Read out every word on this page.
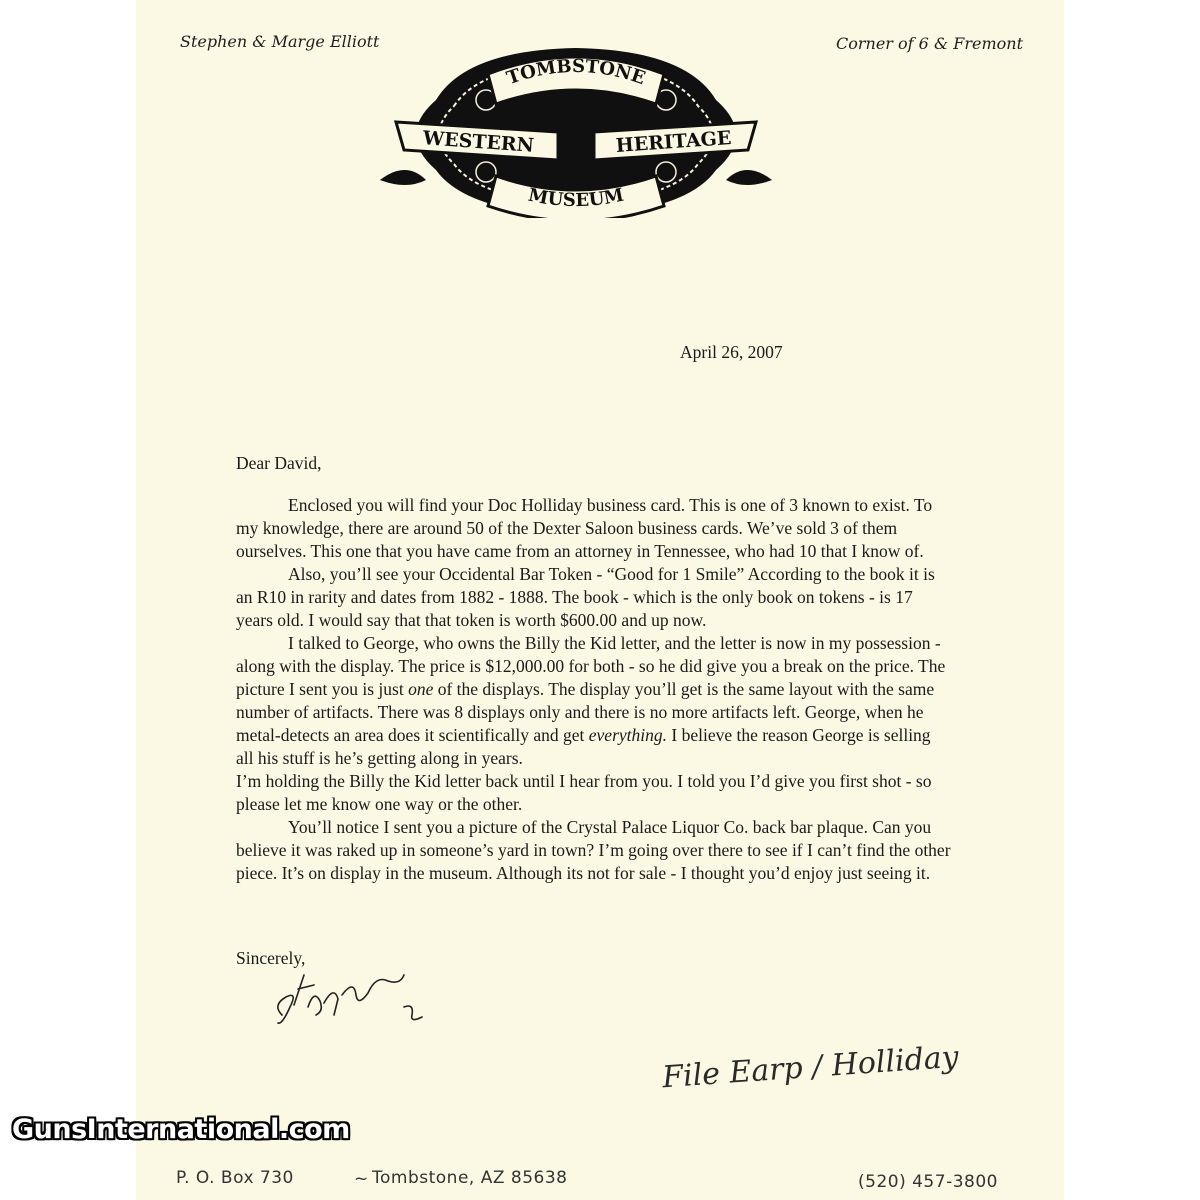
Stephen & Marge Elliott	Corner of 6 & Fremont
TOMBSTONE
WESTERN	HERITAGE
MUSEUM
April 26, 2007
Dear David,

Enclosed you will find your Doc Holliday business card. This is one of 3 known to exist. To my knowledge, there are around 50 of the Dexter Saloon business cards. We’ve sold 3 of them ourselves. This one that you have came from an attorney in Tennessee, who had 10 that I know of.

Also, you’ll see your Occidental Bar Token - “Good for 1 Smile” According to the book it is an R10 in rarity and dates from 1882 - 1888. The book - which is the only book on tokens - is 17 years old. I would say that that token is worth $600.00 and up now.

I talked to George, who owns the Billy the Kid letter, and the letter is now in my possession - along with the display. The price is $12,000.00 for both - so he did give you a break on the price. The picture I sent you is just one of the displays. The display you’ll get is the same layout with the same number of artifacts. There was 8 displays only and there is no more artifacts left. George, when he metal-detects an area does it scientifically and get everything. I believe the reason George is selling all his stuff is he’s getting along in years.

I’m holding the Billy the Kid letter back until I hear from you. I told you I’d give you first shot - so please let me know one way or the other.

You’ll notice I sent you a picture of the Crystal Palace Liquor Co. back bar plaque. Can you believe it was raked up in someone’s yard in town? I’m going over there to see if I can’t find the other piece. It’s on display in the museum. Although its not for sale - I thought you’d enjoy just seeing it.

Sincerely,
File Earp / Holliday
P. O. Box 730	~ Tombstone, AZ 85638	(520) 457-3800
GunsInternational.com
